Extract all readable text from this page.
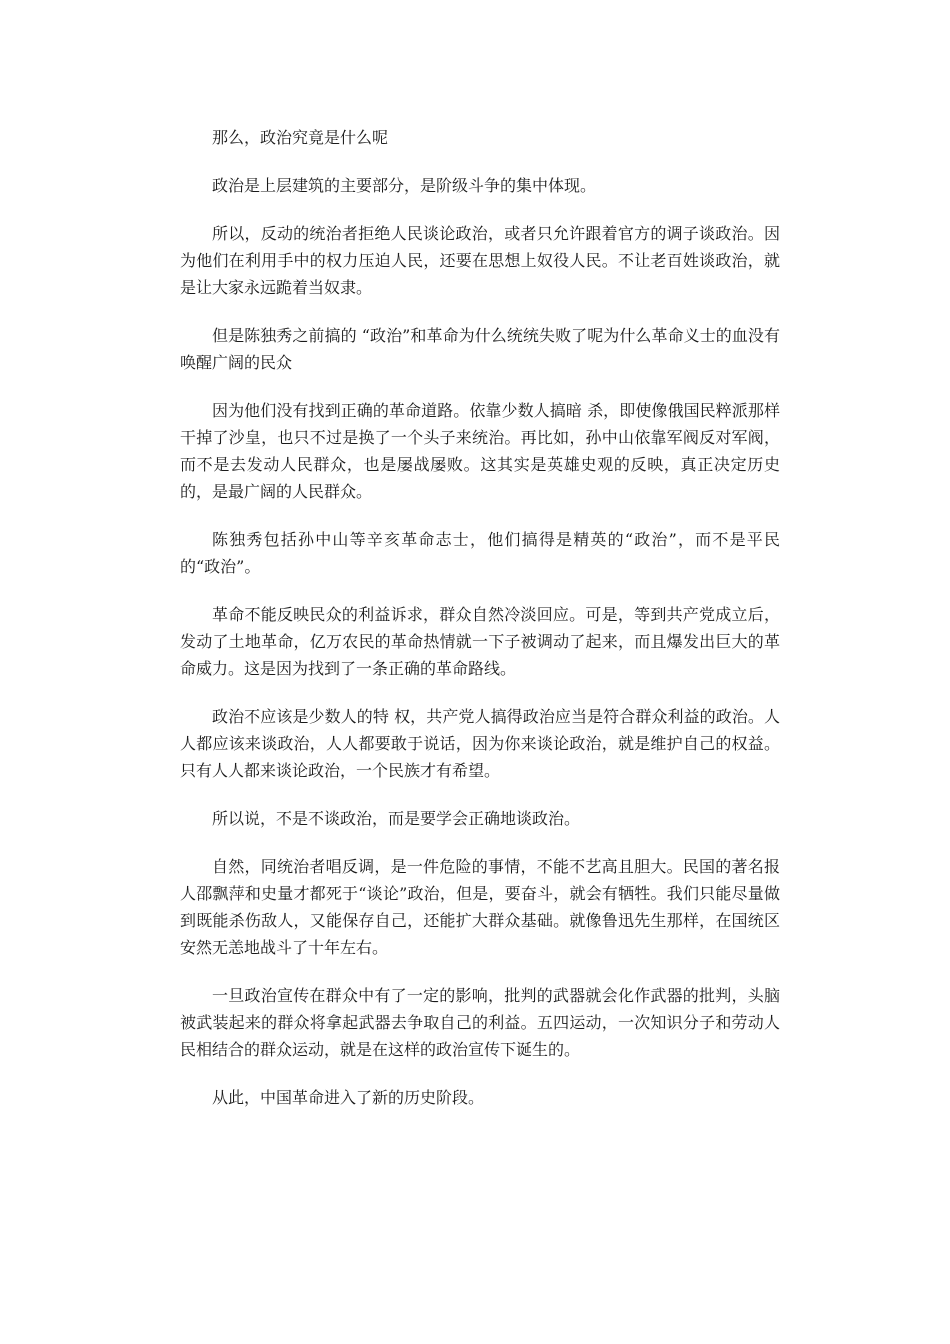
那么，政治究竟是什么呢

政治是上层建筑的主要部分，是阶级斗争的集中体现。

所以，反动的统治者拒绝人民谈论政治，或者只允许跟着官方的调子谈政治。因为他们在利用手中的权力压迫人民，还要在思想上奴役人民。不让老百姓谈政治，就是让大家永远跪着当奴隶。

但是陈独秀之前搞的 “政治”和革命为什么统统失败了呢为什么革命义士的血没有唤醒广阔的民众

因为他们没有找到正确的革命道路。依靠少数人搞暗 杀，即使像俄国民粹派那样干掉了沙皇，也只不过是换了一个头子来统治。再比如，孙中山依靠军阀反对军阀，而不是去发动人民群众，也是屡战屡败。这其实是英雄史观的反映，真正决定历史的，是最广阔的人民群众。

陈独秀包括孙中山等辛亥革命志士，他们搞得是精英的“政治”，而不是平民的“政治”。

革命不能反映民众的利益诉求，群众自然冷淡回应。可是，等到共产党成立后，发动了土地革命，亿万农民的革命热情就一下子被调动了起来，而且爆发出巨大的革命威力。这是因为找到了一条正确的革命路线。

政治不应该是少数人的特 权，共产党人搞得政治应当是符合群众利益的政治。人人都应该来谈政治，人人都要敢于说话，因为你来谈论政治，就是维护自己的权益。只有人人都来谈论政治，一个民族才有希望。

所以说，不是不谈政治，而是要学会正确地谈政治。

自然，同统治者唱反调，是一件危险的事情，不能不艺高且胆大。民国的著名报人邵飘萍和史量才都死于“谈论”政治，但是，要奋斗，就会有牺牲。我们只能尽量做到既能杀伤敌人，又能保存自己，还能扩大群众基础。就像鲁迅先生那样，在国统区安然无恙地战斗了十年左右。

一旦政治宣传在群众中有了一定的影响，批判的武器就会化作武器的批判，头脑被武装起来的群众将拿起武器去争取自己的利益。五四运动，一次知识分子和劳动人民相结合的群众运动，就是在这样的政治宣传下诞生的。

从此，中国革命进入了新的历史阶段。
